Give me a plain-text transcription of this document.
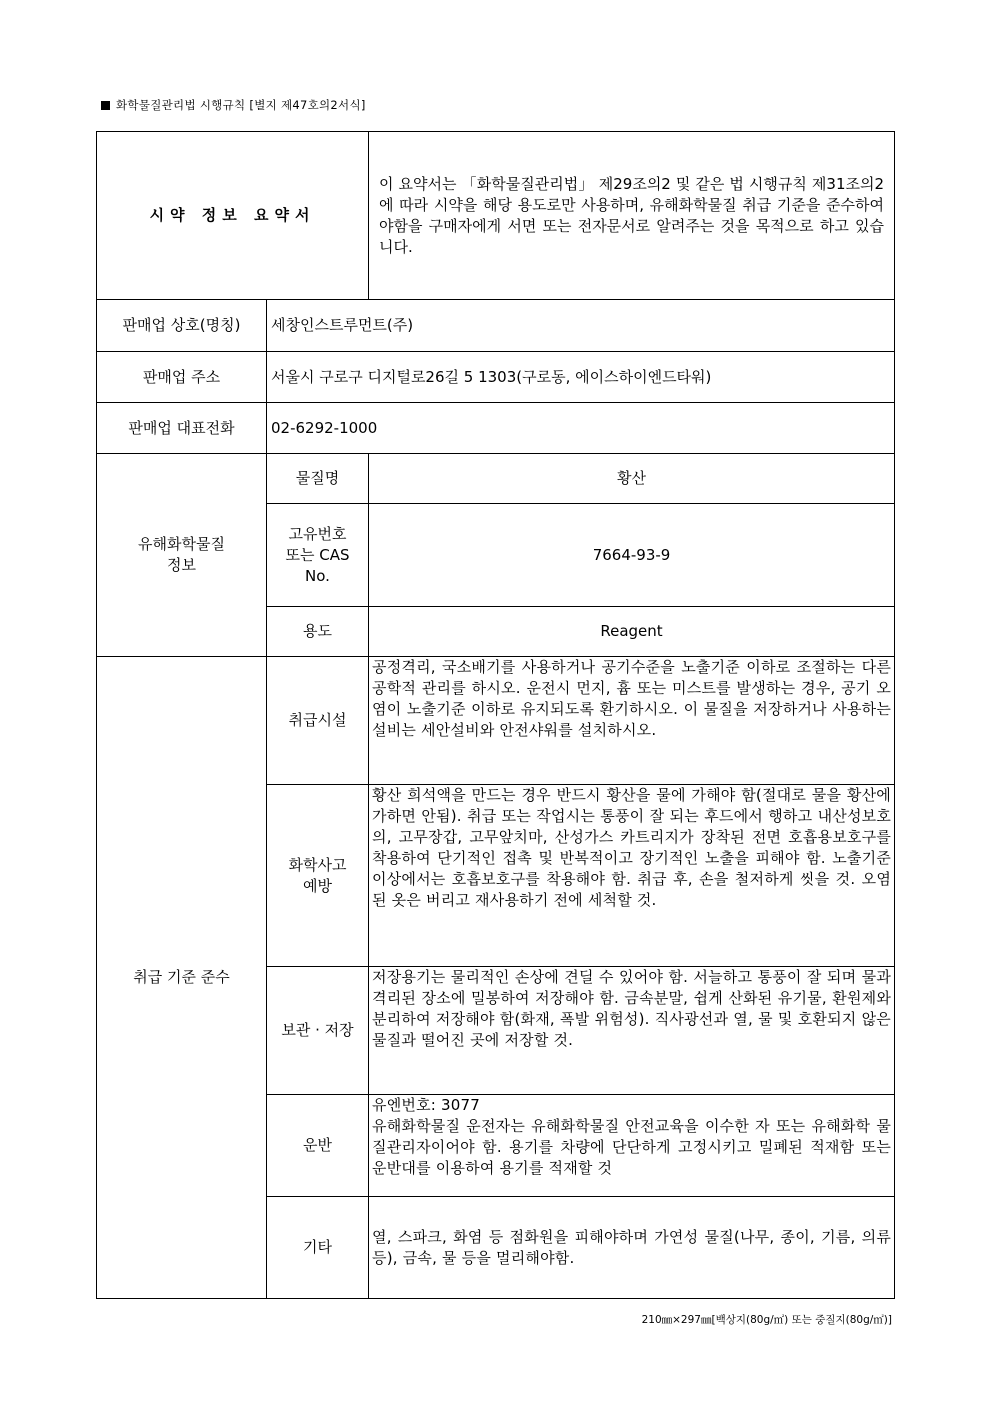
화학물질관리법 시행규칙 [별지 제47호의2서식]
시약 정보 요약서		이 요약서는 「화학물질관리법」 제29조의2 및 같은 법 시행규칙 제31조의2에 따라 시약을 해당 용도로만 사용하며, 유해화학물질 취급 기준을 준수하여야함을 구매자에게 서면 또는 전자문서로 알려주는 것을 목적으로 하고 있습니다.
판매업 상호(명칭)	세창인스트루먼트(주)	
판매업 주소	서울시 구로구 디지털로26길 5 1303(구로동, 에이스하이엔드타워)	
판매업 대표전화	02-6292-1000	

유해화학물질
정보	물질명	황산

	고유번호
또는 CAS
No.	7664-93-9
	용도	Reagent
취급 기준 준수	취급시설	공정격리, 국소배기를 사용하거나 공기수준을 노출기준 이하로 조절하는 다른 공학적 관리를 하시오. 운전시 먼지, 흄 또는 미스트를 발생하는 경우, 공기 오염이 노출기준 이하로 유지되도록 환기하시오. 이 물질을 저장하거나 사용하는 설비는 세안설비와 안전샤워를 설치하시오.

	화학사고
예방	황산 희석액을 만드는 경우 반드시 황산을 물에 가해야 함(절대로 물을 황산에 가하면 안됨). 취급 또는 작업시는 통풍이 잘 되는 후드에서 행하고 내산성보호의, 고무장갑, 고무앞치마, 산성가스 카트리지가 장착된 전면 호흡용보호구를 착용하여 단기적인 접촉 및 반복적이고 장기적인 노출을 피해야 함. 노출기준 이상에서는 호흡보호구를 착용해야 함. 취급 후, 손을 철저하게 씻을 것. 오염된 옷은 버리고 재사용하기 전에 세척할 것.
	보관 · 저장	저장용기는 물리적인 손상에 견딜 수 있어야 함. 서늘하고 통풍이 잘 되며 물과 격리된 장소에 밀봉하여 저장해야 함. 금속분말, 쉽게 산화된 유기물, 환원제와 분리하여 저장해야 함(화재, 폭발 위험성). 직사광선과 열, 물 및 호환되지 않은 물질과 떨어진 곳에 저장할 것.
	운반	유엔번호: 3077
유해화학물질 운전자는 유해화학물질 안전교육을 이수한 자 또는 유해화학 물질관리자이어야 함. 용기를 차량에 단단하게 고정시키고 밀폐된 적재함 또는 운반대를 이용하여 용기를 적재할 것

	기타	열, 스파크, 화염 등 점화원을 피해야하며 가연성 물질(나무, 종이, 기름, 의류 등), 금속, 물 등을 멀리해야함.
210㎜×297㎜[백상지(80g/㎡) 또는 중질지(80g/㎡)]
